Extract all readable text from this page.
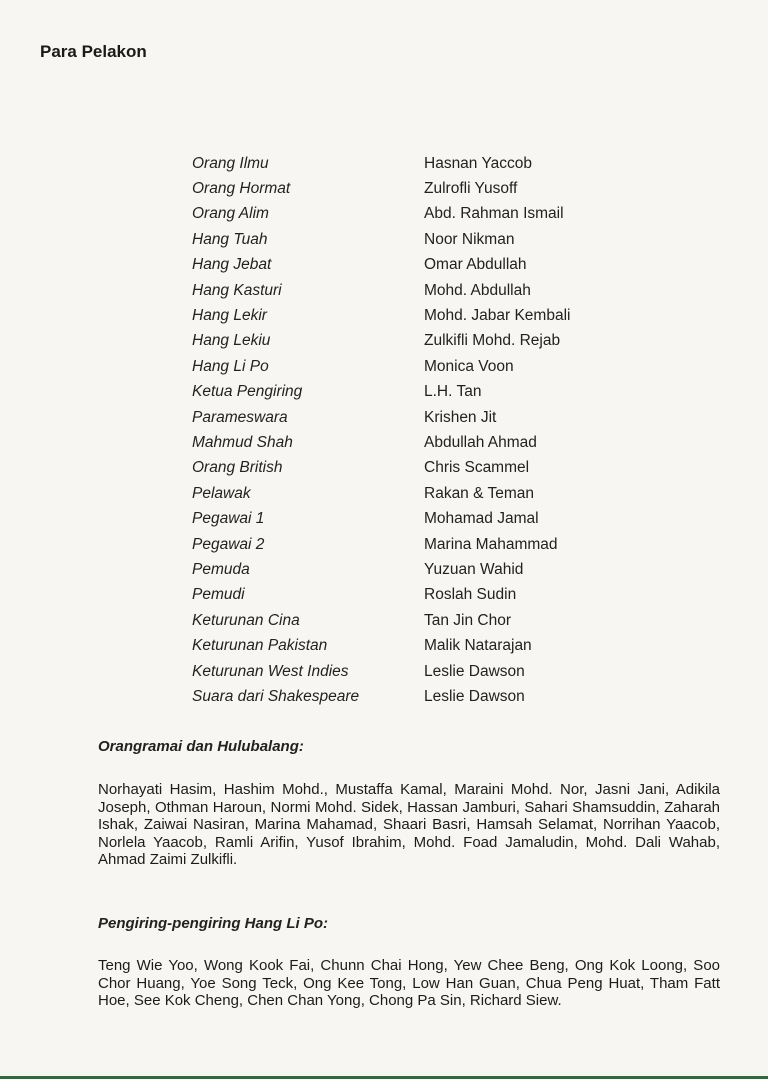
Para Pelakon
Orang Ilmu	Hasnan Yaccob
Orang Hormat	Zulrofli Yusoff
Orang Alim	Abd. Rahman Ismail
Hang Tuah	Noor Nikman
Hang Jebat	Omar Abdullah
Hang Kasturi	Mohd. Abdullah
Hang Lekir	Mohd. Jabar Kembali
Hang Lekiu	Zulkifli Mohd. Rejab
Hang Li Po	Monica Voon
Ketua Pengiring	L.H. Tan
Parameswara	Krishen Jit
Mahmud Shah	Abdullah Ahmad
Orang British	Chris Scammel
Pelawak	Rakan & Teman
Pegawai 1	Mohamad Jamal
Pegawai 2	Marina Mahammad
Pemuda	Yuzuan Wahid
Pemudi	Roslah Sudin
Keturunan Cina	Tan Jin Chor
Keturunan Pakistan	Malik Natarajan
Keturunan West Indies	Leslie Dawson
Suara dari Shakespeare	Leslie Dawson
Orangramai dan Hulubalang:

Norhayati Hasim, Hashim Mohd., Mustaffa Kamal, Maraini Mohd. Nor, Jasni Jani, Adikila Joseph, Othman Haroun, Normi Mohd. Sidek, Hassan Jamburi, Sahari Shamsuddin, Zaharah Ishak, Zaiwai Nasiran, Marina Mahamad, Shaari Basri, Hamsah Selamat, Norrihan Yaacob, Norlela Yaacob, Ramli Arifin, Yusof Ibrahim, Mohd. Foad Jamaludin, Mohd. Dali Wahab, Ahmad Zaimi Zulkifli.

Pengiring-pengiring Hang Li Po:

Teng Wie Yoo, Wong Kook Fai, Chunn Chai Hong, Yew Chee Beng, Ong Kok Loong, Soo Chor Huang, Yoe Song Teck, Ong Kee Tong, Low Han Guan, Chua Peng Huat, Tham Fatt Hoe, See Kok Cheng, Chen Chan Yong, Chong Pa Sin, Richard Siew.
